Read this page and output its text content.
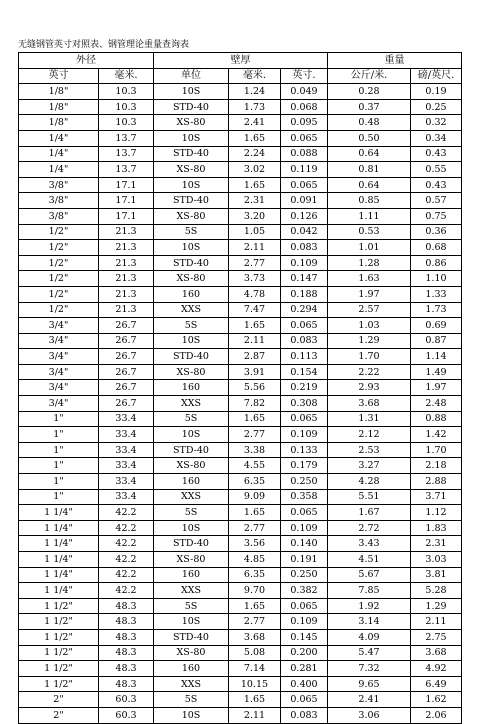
无缝钢管英寸对照表、钢管理论重量查询表
外径		壁厚			重量	
英寸	毫米.	单位	毫米.	英寸.	公斤/米.	磅/英尺.
1/8"	10.3	10S	1.24	0.049	0.28	0.19
1/8"	10.3	STD-40	1.73	0.068	0.37	0.25
1/8"	10.3	XS-80	2.41	0.095	0.48	0.32
1/4"	13.7	10S	1.65	0.065	0.50	0.34
1/4"	13.7	STD-40	2.24	0.088	0.64	0.43
1/4"	13.7	XS-80	3.02	0.119	0.81	0.55
3/8"	17.1	10S	1.65	0.065	0.64	0.43
3/8"	17.1	STD-40	2.31	0.091	0.85	0.57
3/8"	17.1	XS-80	3.20	0.126	1.11	0.75
1/2"	21.3	5S	1.05	0.042	0.53	0.36
1/2"	21.3	10S	2.11	0.083	1.01	0.68
1/2"	21.3	STD-40	2.77	0.109	1.28	0.86
1/2"	21.3	XS-80	3.73	0.147	1.63	1.10
1/2"	21.3	160	4.78	0.188	1.97	1.33
1/2"	21.3	XXS	7.47	0.294	2.57	1.73
3/4"	26.7	5S	1.65	0.065	1.03	0.69
3/4"	26.7	10S	2.11	0.083	1.29	0.87
3/4"	26.7	STD-40	2.87	0.113	1.70	1.14
3/4"	26.7	XS-80	3.91	0.154	2.22	1.49
3/4"	26.7	160	5.56	0.219	2.93	1.97
3/4"	26.7	XXS	7.82	0.308	3.68	2.48
1"	33.4	5S	1.65	0.065	1.31	0.88
1"	33.4	10S	2.77	0.109	2.12	1.42
1"	33.4	STD-40	3.38	0.133	2.53	1.70
1"	33.4	XS-80	4.55	0.179	3.27	2.18
1"	33.4	160	6.35	0.250	4.28	2.88
1"	33.4	XXS	9.09	0.358	5.51	3.71
1 1/4"	42.2	5S	1.65	0.065	1.67	1.12
1 1/4"	42.2	10S	2.77	0.109	2.72	1.83
1 1/4"	42.2	STD-40	3.56	0.140	3.43	2.31
1 1/4"	42.2	XS-80	4.85	0.191	4.51	3.03
1 1/4"	42.2	160	6.35	0.250	5.67	3.81
1 1/4"	42.2	XXS	9.70	0.382	7.85	5.28
1 1/2"	48.3	5S	1.65	0.065	1.92	1.29
1 1/2"	48.3	10S	2.77	0.109	3.14	2.11
1 1/2"	48.3	STD-40	3.68	0.145	4.09	2.75
1 1/2"	48.3	XS-80	5.08	0.200	5.47	3.68
1 1/2"	48.3	160	7.14	0.281	7.32	4.92
1 1/2"	48.3	XXS	10.15	0.400	9.65	6.49
2"	60.3	5S	1.65	0.065	2.41	1.62
2"	60.3	10S	2.11	0.083	3.06	2.06
